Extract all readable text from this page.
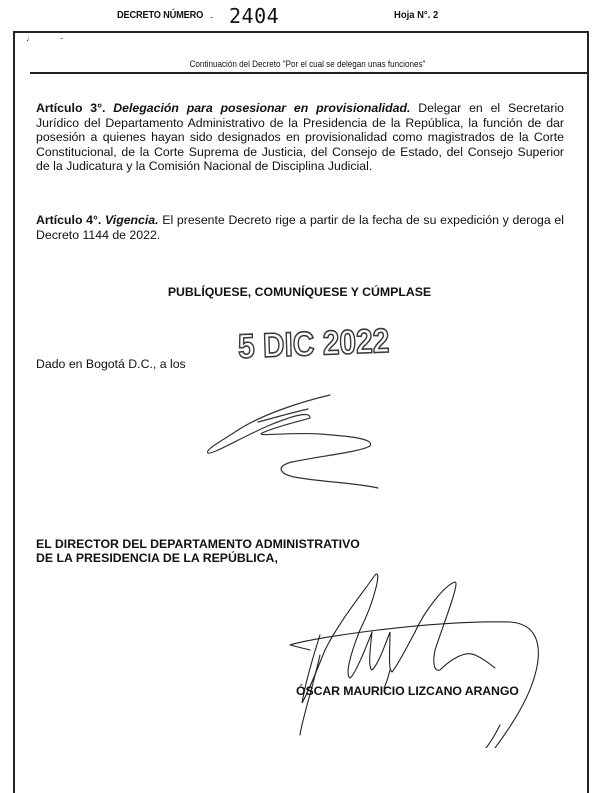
DECRETO NÚMERO 2404	Hoja N°. 2
♩
Continuación del Decreto "Por el cual se delegan unas funciones"
Artículo 3°. Delegación para posesionar en provisionalidad. Delegar en el Secretario Jurídico del Departamento Administrativo de la Presidencia de la República, la función de dar posesión a quienes hayan sido designados en provisionalidad como magistrados de la Corte Constitucional, de la Corte Suprema de Justicia, del Consejo de Estado, del Consejo Superior de la Judicatura y la Comisión Nacional de Disciplina Judicial.
Artículo 4°. Vigencia. El presente Decreto rige a partir de la fecha de su expedición y deroga el Decreto 1144 de 2022.
PUBLÍQUESE, COMUNÍQUESE Y CÚMPLASE
Dado en Bogotá D.C., a los 5 DIC 2022
EL DIRECTOR DEL DEPARTAMENTO ADMINISTRATIVO
DE LA PRESIDENCIA DE LA REPÚBLICA,
ÓSCAR MAURICIO LIZCANO ARANGO
